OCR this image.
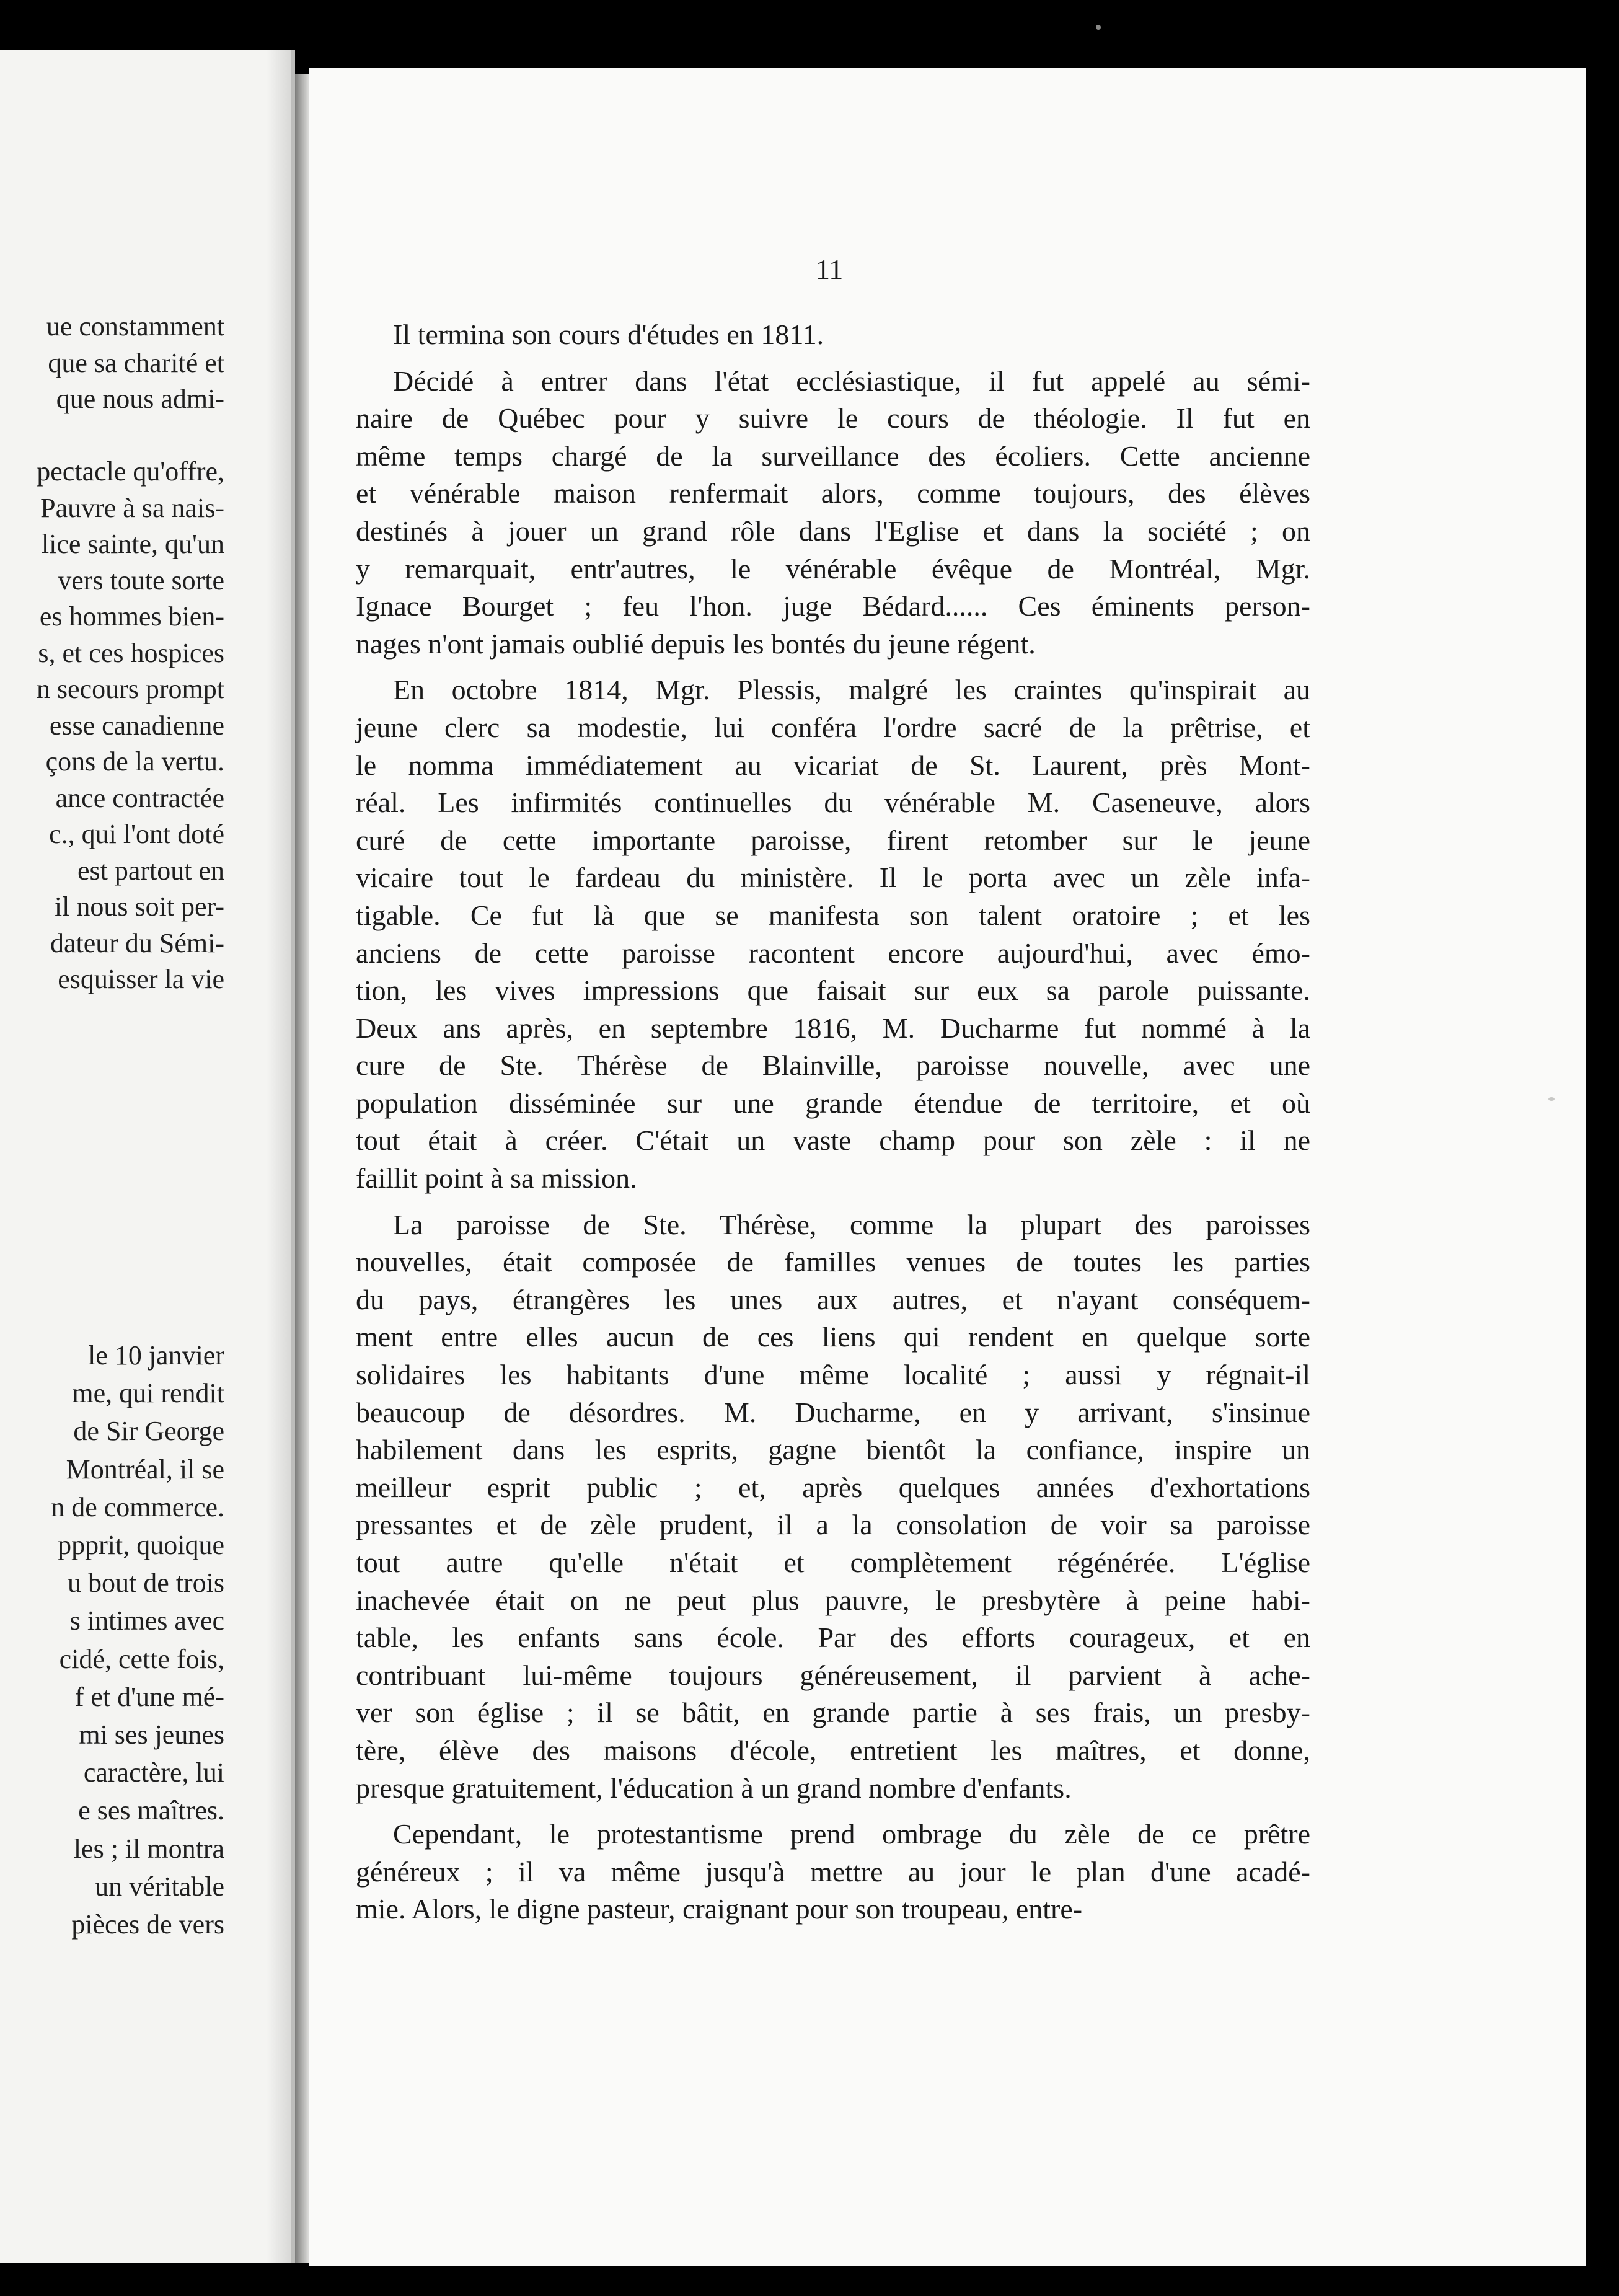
ue constamment
que sa charité et
que nous admi-
pectacle qu'offre,
Pauvre à sa nais-
lice sainte, qu'un
vers toute sorte
es hommes bien-
s, et ces hospices
n secours prompt
esse canadienne
çons de la vertu.
ance contractée
c., qui l'ont doté
est partout en
il nous soit per-
dateur du Sémi-
esquisser la vie
le 10 janvier
me, qui rendit
de Sir George
Montréal, il se
n de commerce.
ppprit, quoique
u bout de trois
s intimes avec
cidé, cette fois,
f et d'une mé-
mi ses jeunes
caractère, lui
e ses maîtres.
les ; il montra
un véritable
pièces de vers
11
Il termina son cours d'études en 1811.
Décidé à entrer dans l'état ecclésiastique, il fut appelé au sémi-
naire de Québec pour y suivre le cours de théologie. Il fut en
même temps chargé de la surveillance des écoliers. Cette ancienne
et vénérable maison renfermait alors, comme toujours, des élèves
destinés à jouer un grand rôle dans l'Eglise et dans la société ; on
y remarquait, entr'autres, le vénérable évêque de Montréal, Mgr.
Ignace Bourget ; feu l'hon. juge Bédard...... Ces éminents person-
nages n'ont jamais oublié depuis les bontés du jeune régent.
En octobre 1814, Mgr. Plessis, malgré les craintes qu'inspirait au
jeune clerc sa modestie, lui conféra l'ordre sacré de la prêtrise, et
le nomma immédiatement au vicariat de St. Laurent, près Mont-
réal. Les infirmités continuelles du vénérable M. Caseneuve, alors
curé de cette importante paroisse, firent retomber sur le jeune
vicaire tout le fardeau du ministère. Il le porta avec un zèle infa-
tigable. Ce fut là que se manifesta son talent oratoire ; et les
anciens de cette paroisse racontent encore aujourd'hui, avec émo-
tion, les vives impressions que faisait sur eux sa parole puissante.
Deux ans après, en septembre 1816, M. Ducharme fut nommé à la
cure de Ste. Thérèse de Blainville, paroisse nouvelle, avec une
population disséminée sur une grande étendue de territoire, et où
tout était à créer. C'était un vaste champ pour son zèle : il ne
faillit point à sa mission.
La paroisse de Ste. Thérèse, comme la plupart des paroisses
nouvelles, était composée de familles venues de toutes les parties
du pays, étrangères les unes aux autres, et n'ayant conséquem-
ment entre elles aucun de ces liens qui rendent en quelque sorte
solidaires les habitants d'une même localité ; aussi y régnait-il
beaucoup de désordres. M. Ducharme, en y arrivant, s'insinue
habilement dans les esprits, gagne bientôt la confiance, inspire un
meilleur esprit public ; et, après quelques années d'exhortations
pressantes et de zèle prudent, il a la consolation de voir sa paroisse
tout autre qu'elle n'était et complètement régénérée. L'église
inachevée était on ne peut plus pauvre, le presbytère à peine habi-
table, les enfants sans école. Par des efforts courageux, et en
contribuant lui-même toujours généreusement, il parvient à ache-
ver son église ; il se bâtit, en grande partie à ses frais, un presby-
tère, élève des maisons d'école, entretient les maîtres, et donne,
presque gratuitement, l'éducation à un grand nombre d'enfants.
Cependant, le protestantisme prend ombrage du zèle de ce prêtre
généreux ; il va même jusqu'à mettre au jour le plan d'une acadé-
mie. Alors, le digne pasteur, craignant pour son troupeau, entre-
